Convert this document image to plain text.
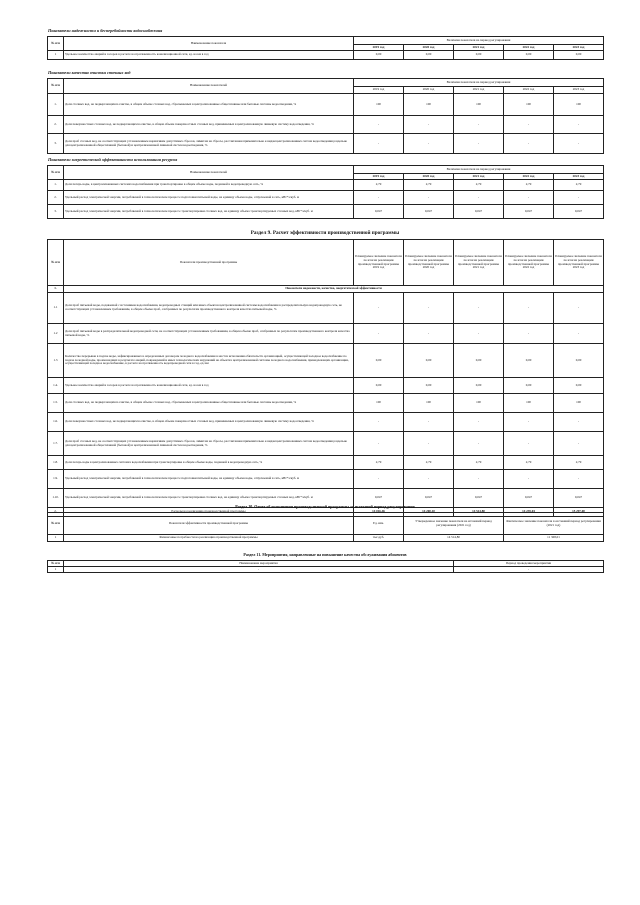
Показатели надежности и бесперебойности водоснабжения
№ п/п	Наименование показателя	Величина показателя на период регулирования				
		2019 год	2020 год	2021 год	2022 год	2023 год
1	Удельное количество аварий и засоров в расчете на протяженность канализационной сети, ед. на км в год	0,00	0,00	0,00	0,00	0,00
Показатели качества очистки сточных вод
№ п/п	Наименование показателей	Величина показателя на период регулирования				
		2019 год	2020 год	2021 год	2022 год	2023 год
1.	Доля сточных вод, не подвергающихся очистке, в общем объеме сточных вод, сбрасываемых в централизованные общесплавные или бытовые системы водоотведения, %	100	100	100	100	100
2.	Доля поверхностных сточных вод, не подвергающихся очистке, в общем объеме поверхностных сточных вод, принимаемых в централизованную ливневую систему водоотведения, %	-	-	-	-	-
3.	Доля проб сточных вод, не соответствующих установленным нормативам допустимых сбросов, лимитам на сбросы, рассчитанная применительно к видам централизованных систем водоотведения раздельно для централизованной общесплавной (бытовой) и централизованной ливневой систем водоотведения, %	-	-	-	-	-
Показатели энергетической эффективности использования ресурсов
№ п/п	Наименование показателей	Величина показателя на период регулирования				
		2019 год	2020 год	2021 год	2022 год	2023 год
1.	Доля потерь воды, в централизованных системах водоснабжения при транспортировке в общем объеме воды, поданной в водопроводную сеть, %	2,79	2,79	2,79	2,79	2,79
2.	Удельный расход электрической энергии, потребляемой в технологическом процессе подготовки питьевой воды, на единицу объема воды, отпускаемой в сеть, кВт*ч/куб. м	-	-	-	-	-
3.	Удельный расход электрической энергии, потребляемой в технологическом процессе транспортировки сточных вод, на единицу объема транспортируемых сточных вод, кВт*ч/куб. м	0,047	0,047	0,047	0,047	0,047
Раздел 9. Расчет эффективности производственной программы
№ п/п	Показатели производственной программы	Планируемое значение показателя по итогам реализации производственной программы 2019 год	Планируемое значение показателя по итогам реализации производственной программы 2020 год	Планируемое значение показателя по итогам реализации производственной программы 2021 год	Планируемое значение показателя по итогам реализации производственной программы 2022 год	Планируемое значение показателя по итогам реализации производственной программы 2023 год
1.	Показатели надежности, качества, энергетической эффективности					
1.1	Доля проб питьевой воды, подаваемой с источников водоснабжения, водопроводных станций или иных объектов централизованной системы водоснабжения в распределительную водопроводную сеть, не соответствующих установленным требованиям, в общем объеме проб, отобранных по результатам производственного контроля качества питьевой воды, %	-	-	-	-	-
1.2	Доля проб питьевой воды в распределительной водопроводной сети, не соответствующих установленным требованиям, в общем объеме проб, отобранных по результатам производственного контроля качества питьевой воды, %	-	-	-	-	-
1.3	Количество перерывов в подаче воды, зафиксированных в определенных договором холодного водоснабжения в местах исполнения обязательств организацией, осуществляющей холодное водоснабжение по подаче холодной воды, произошедших в результате аварий, повреждений и иных технологических нарушений на объектах централизованной системы холодного водоснабжения, принадлежащих организации, осуществляющей холодное водоснабжение, в расчете на протяженность водопроводной сети в год, ед./км	0,00	0,00	0,00	0,00	0,00
1.4.	Удельное количество аварий и засоров в расчете на протяженность канализационной сети, ед. на км в год	0,00	0,00	0,00	0,00	0,00
1.5.	Доля сточных вод, не подвергающихся очистке, в общем объеме сточных вод, сбрасываемых в централизованные общесплавные или бытовые системы водоотведения, %	100	100	100	100	100
1.6.	Доля поверхностных сточных вод, не подвергающихся очистке, в общем объеме поверхностных сточных вод, принимаемых в централизованную ливневую систему водоотведения, %	-	-	-	-	-
1.7.	Доля проб сточных вод, не соответствующих установленным нормативам допустимых сбросов, лимитам на сбросы, рассчитанная применительно к видам централизованных систем водоотведения раздельно для централизованной общесплавной (бытовой) и централизованной ливневой систем водоотведения, %	-	-	-	-	-
1.8.	Доля потерь воды в централизованных системах водоснабжения при транспортировке в общем объеме воды, поданной в водопроводную сеть, %	2,79	2,79	2,79	2,79	2,79
1.9.	Удельный расход электрической энергии, потребляемой в технологическом процессе подготовки питьевой воды, на единицу объема воды, отпускаемой в сеть, кВт*ч/куб. м	-	-	-	-	-
1.10.	Удельный расход электрической энергии, потребляемой в технологическом процессе транспортировки сточных вод, на единицу объема транспортируемых сточных вод, кВт*ч/куб. м	0,047	0,047	0,047	0,047	0,047
2.	Расходы на реализацию производственной программы	14 016,46	14 200,10	14 514,80	14 239,04	15 297,00
Раздел 10. Отчет об исполнении производственной программы за истекший период регулирования
№ п/п	Показатели эффективности производственной программы	Ед. изм.	Утвержденное значение показателя на истекший период регулирования (2021 год)	Фактическое значение показателя за истекший период регулирования (2021 год)
1	Финансовые потребности на реализацию производственной программы	тыс.руб.	14 514,80	11 368,01
Раздел 11. Мероприятия, направленные на повышение качества обслуживания абонентов
№ п/п	Наименование мероприятия	Период проведения мероприятия
1	-	-
